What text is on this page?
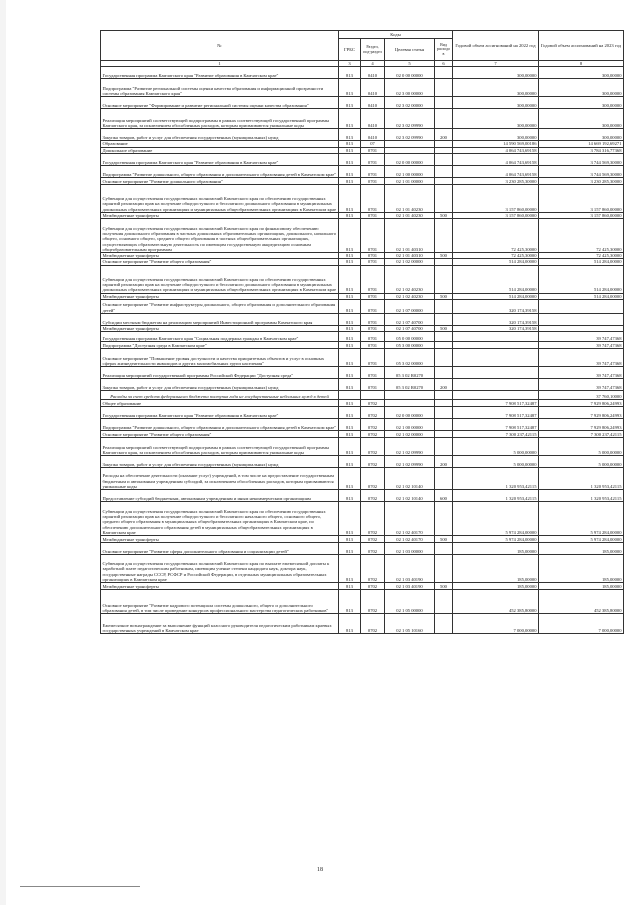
№	Коды				Годовой объем ассигнований на 2022 год	Годовой объем ассигнований на 2023 год
	ГРБС	Раздел, под-раздел	Целевая статья	Вид расходов		
1	3	4	5	6	7	8
Государственная программа Камчатского края "Развитие образования в Камчатском крае"	813	0410	02 0 00 00000		300,00000	300,00000
Подпрограмма "Развитие региональной системы оценки качества образования и информационной прозрачности системы образования Камчатского края"	813	0410	02 3 00 00000		300,00000	300,00000
Основное мероприятие "Формирование и развитие региональной системы оценки качества образования"	813	0410	02 3 02 00000		300,00000	300,00000
Реализация мероприятий соответствующей подпрограммы в рамках соответствующей государственной программы Камчатского края, за исключением обособленных расходов, которым присваиваются уникальные коды	813	0410	02 3 02 09990		300,00000	300,00000
Закупка товаров, работ и услуг для обеспечения государственных (муниципальных) нужд	813	0410	02 3 02 09990	200	300,00000	300,00000
Образование	813	07			14 590 569,00186	14 669 192,69271
Дошкольное образование	813	0701			4 064 743,69158	3 784 316,77368
Государственная программа Камчатского края "Развитие образования в Камчатском крае"	813	0701	02 0 00 00000		4 064 743,69158	3 744 569,30000
Подпрограмма "Развитие дошкольного, общего образования и дополнительного образования детей в Камчатском крае"	813	0701	02 1 00 00000		4 064 743,69158	3 744 569,30000
Основное мероприятие "Развитие дошкольного образования"	813	0701	02 1 01 00000		3 230 285,30000	3 230 285,30000
Субвенции для осуществления государственных полномочий Камчатского края по обеспечению государственных гарантий реализации прав на получение общедоступного и бесплатного дошкольного образования в муниципальных дошкольных образовательных организациях и муниципальных общеобразовательных организациях в Камчатском крае	813	0701	02 1 01 40230		3 157 860,00000	3 157 860,00000
Межбюджетные трансферты	813	0701	02 1 01 40230	500	3 157 860,00000	3 157 860,00000
Субвенции для осуществления государственных полномочий Камчатского края по финансовому обеспечению получения дошкольного образования в частных дошкольных образовательных организациях, дошкольного, начального общего, основного общего, среднего общего образования в частных общеобразовательных организациях, осуществляющих образовательную деятельность по имеющим государственную аккредитацию основным общеобразовательным программам	813	0701	02 1 01 40310		72 425,30000	72 425,30000
Межбюджетные трансферты	813	0701	02 1 01 40310	500	72 425,30000	72 425,30000
Основное мероприятие "Развитие общего образования"	813	0701	02 1 02 00000		514 284,00000	514 284,00000
Субвенции для осуществления государственных полномочий Камчатского края по обеспечению государственных гарантий реализации прав на получение общедоступного и бесплатного дошкольного образования в муниципальных дошкольных образовательных организациях и муниципальных общеобразовательных организациях в Камчатском крае	813	0701	02 1 02 40230		514 284,00000	514 284,00000
Межбюджетные трансферты	813	0701	02 1 02 40230	500	514 284,00000	514 284,00000
Основное мероприятие "Развитие инфраструктуры дошкольного, общего образования и дополнительного образования детей"	813	0701	02 1 07 00000		320 174,39158	
Субсидии местным бюджетам на реализацию мероприятий Инвестиционной программы Камчатского края	813	0701	02 1 07 40700		320 174,39158	
Межбюджетные трансферты	813	0701	02 1 07 40700	500	320 174,39158	
Государственная программа Камчатского края "Социальная поддержка граждан в Камчатском крае"	813	0701	05 0 00 00000			39 747,47368
Подпрограмма "Доступная среда в Камчатском крае"	813	0701	05 3 00 00000			39 747,47368
Основное мероприятие "Повышение уровня доступности и качества приоритетных объектов и услуг в основных сферах жизнедеятельности инвалидов и других маломобильных групп населения"	813	0701	05 3 02 00000			39 747,47368
Реализация мероприятий государственной программы Российской Федерации "Доступная среда"	813	0701	05 3 02 R0270			39 747,47368
Закупка товаров, работ и услуг для обеспечения государственных (муниципальных) нужд	813	0701	05 3 02 R0270	200		39 747,47368
Расходы за счет средств федерального бюджета поступив года не государственные небольших нужд в детей						37 760,10000
Общее образование	813	0702			7 908 517,32487	7 929 806,24993
Государственная программа Камчатского края "Развитие образования в Камчатском крае"	813	0702	02 0 00 00000		7 908 517,32487	7 929 806,24993
Подпрограмма "Развитие дошкольного, общего образования и дополнительного образования детей в Камчатском крае"	813	0702	02 1 00 00000		7 908 517,32487	7 929 806,24993
Основное мероприятие "Развитие общего образования"	813	0702	02 1 02 00000		7 300 237,42115	7 300 237,42115
Реализация мероприятий соответствующей подпрограммы в рамках соответствующей государственной программы Камчатского края, за исключением обособленных расходов, которым присваиваются уникальные коды	813	0702	02 1 02 09990		5 000,00000	5 000,00000
Закупка товаров, работ и услуг для обеспечения государственных (муниципальных) нужд	813	0702	02 1 02 09990	200	5 000,00000	5 000,00000
Расходы на обеспечение деятельности (оказание услуг) учреждений, в том числе на предоставление государственным бюджетным и автономным учреждениям субсидий, за исключением обособленных расходов, которым присваиваются уникальные коды	813	0702	02 1 02 10140		1 320 953,42115	1 320 953,42115
Предоставление субсидий бюджетным, автономным учреждениям и иным некоммерческим организациям	813	0702	02 1 02 10140	600	1 320 953,42115	1 320 953,42115
Субвенции для осуществления государственных полномочий Камчатского края по обеспечению государственных гарантий реализации прав на получение общедоступного и бесплатного начального общего, основного общего, среднего общего образования в муниципальных общеобразовательных организациях в Камчатском крае, по обеспечению дополнительного образования детей в муниципальных общеобразовательных организациях в Камчатском крае	813	0702	02 1 02 40170		5 974 284,00000	5 974 284,00000
Межбюджетные трансферты	813	0702	02 1 02 40170	500	5 974 284,00000	5 974 284,00000
Основное мероприятие "Развитие сферы дополнительного образования и социализации детей"	813	0702	02 1 03 00000		185,00000	185,00000
Субвенции для осуществления государственных полномочий Камчатского края по выплате ежемесячной доплаты к заработной плате педагогическим работникам, имеющим ученые степени кандидата наук, доктора наук, государственные награды СССР, РСФСР и Российской Федерации, в отдельных муниципальных образовательных организациях в Камчатском крае	813	0702	02 1 03 40190		185,00000	185,00000
Межбюджетные трансферты	813	0702	02 1 03 40190	500	185,00000	185,00000
Основное мероприятие "Развитие кадрового потенциала системы дошкольного, общего и дополнительного образования детей, в том числе проведение конкурсов профессионального мастерства педагогических работников"	813	0702	02 1 05 00000		452 385,80000	452 385,80000
Ежемесячное вознаграждение за выполнение функций классного руководителя педагогическим работникам краевых государственных учреждений в Камчатском крае	813	0702	02 1 05 10160		7 000,00000	7 000,00000
18
